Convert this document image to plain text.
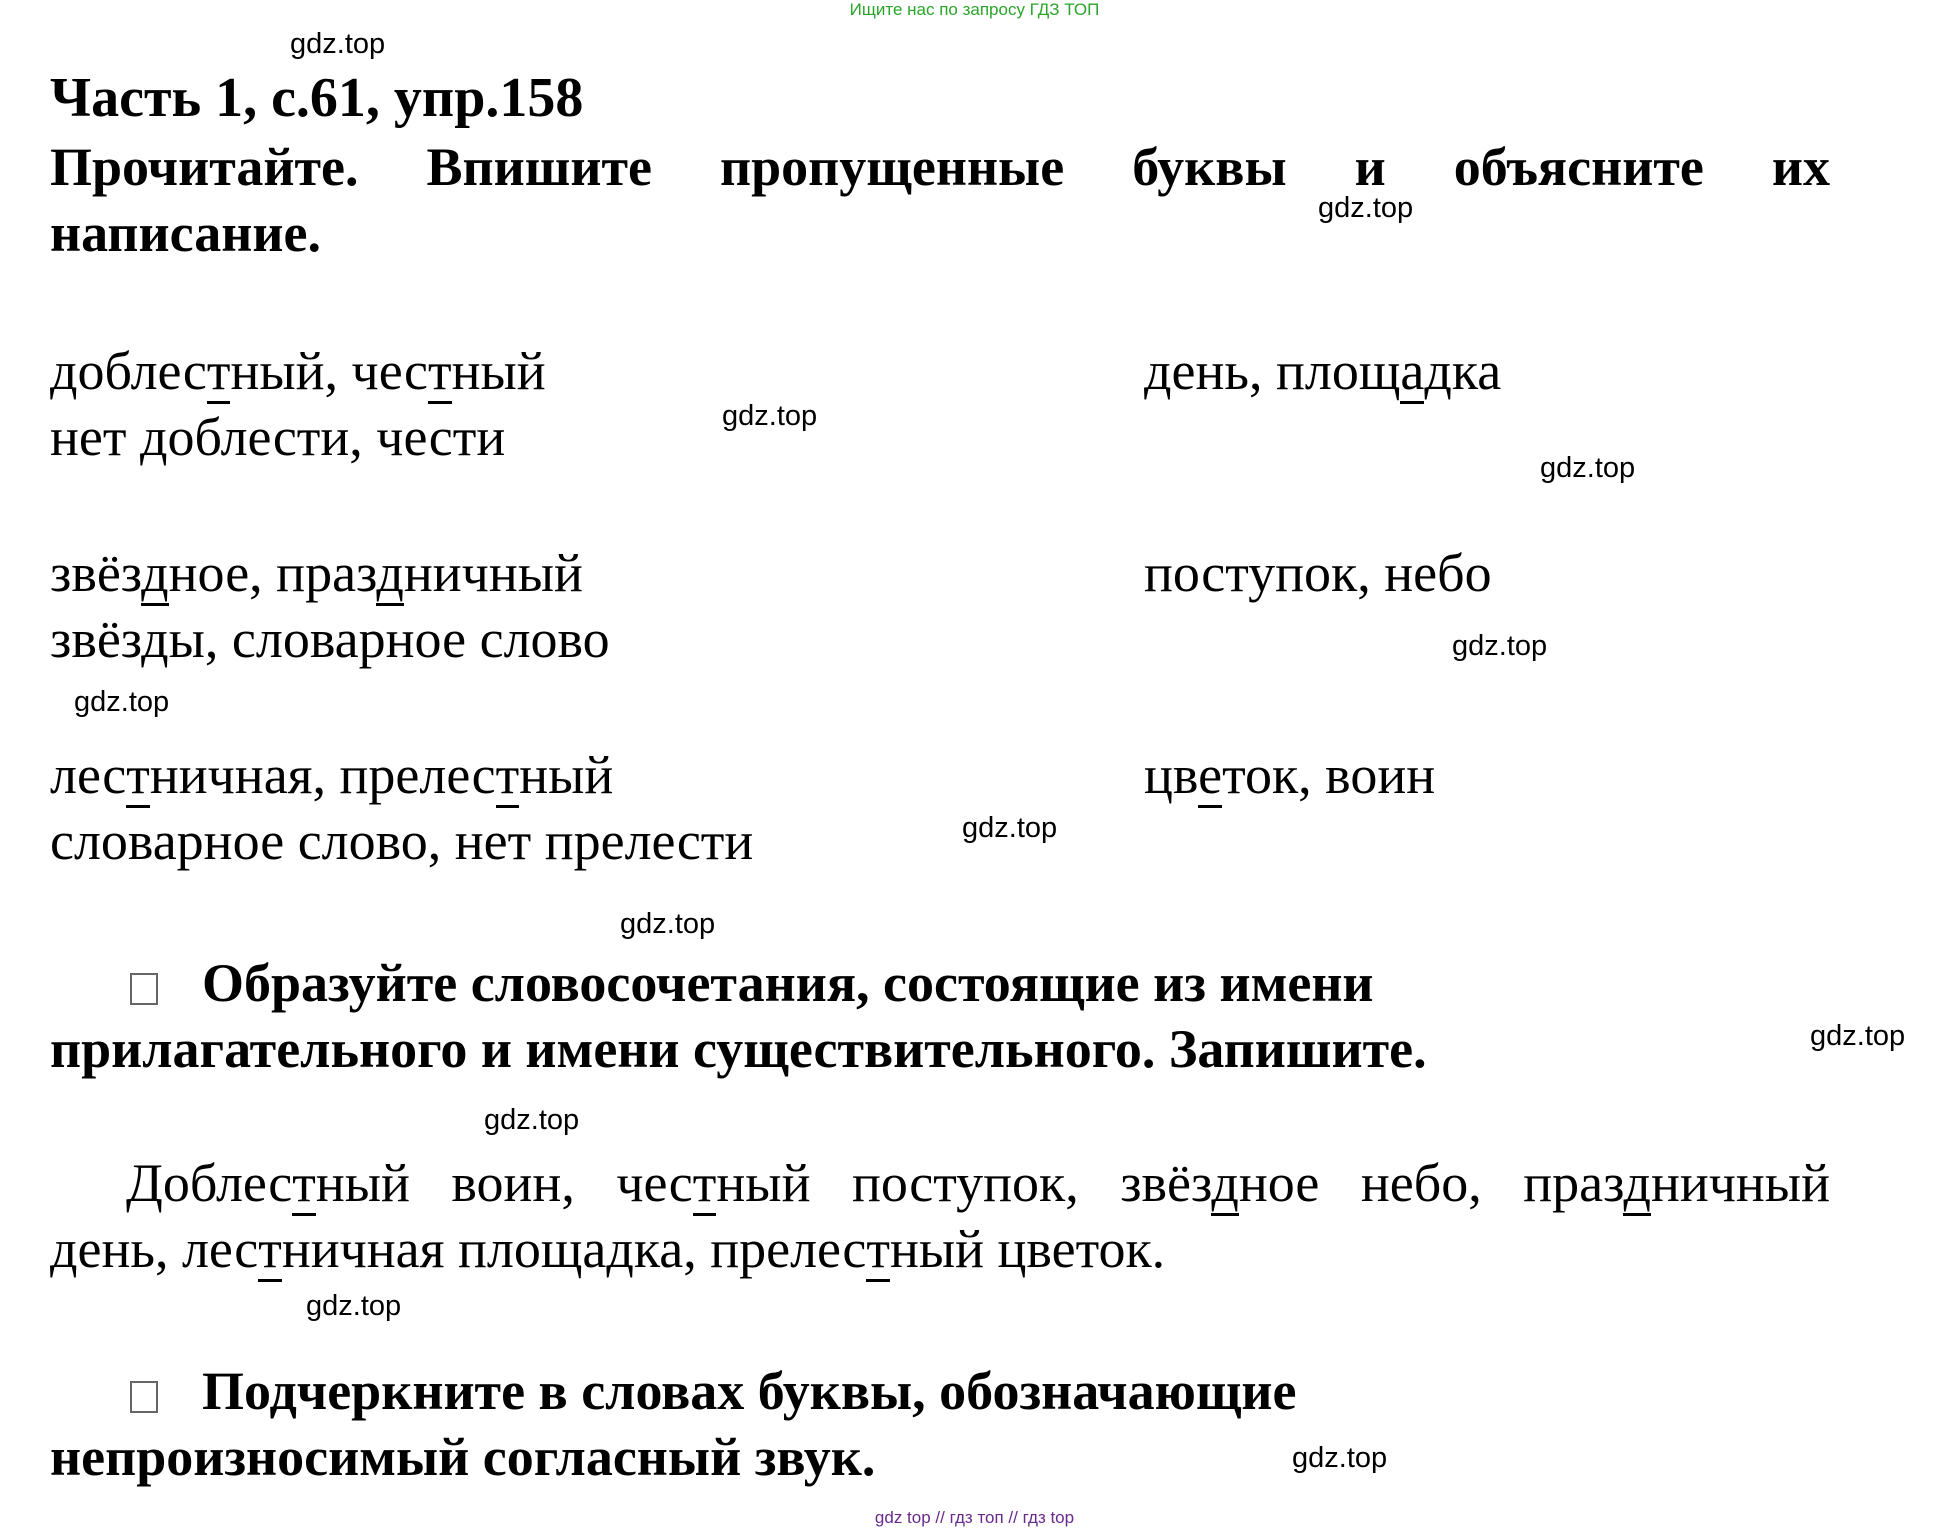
Ищите нас по запросу ГДЗ ТОП
gdz.top
gdz.top
gdz.top
gdz.top
gdz.top
gdz.top
gdz.top
gdz.top
gdz.top
gdz.top
gdz.top
gdz.top
Часть 1, с.61, упр.158
Прочитайте. Впишите пропущенные буквы и объясните их
написание.
доблестный, честный
нет доблести, чести
звёздное, праздничный
звёзды, словарное слово
лестничная, прелестный
словарное слово, нет прелести
день, площадка
поступок, небо
цветок, воин
Образуйте словосочетания, состоящие из имени
прилагательного и имени существительного. Запишите.
Доблестный воин, честный поступок, звёздное небо, праздничный
день, лестничная площадка, прелестный цветок.
Подчеркните в словах буквы, обозначающие
непроизносимый согласный звук.
gdz top // гдз топ // гдз top
